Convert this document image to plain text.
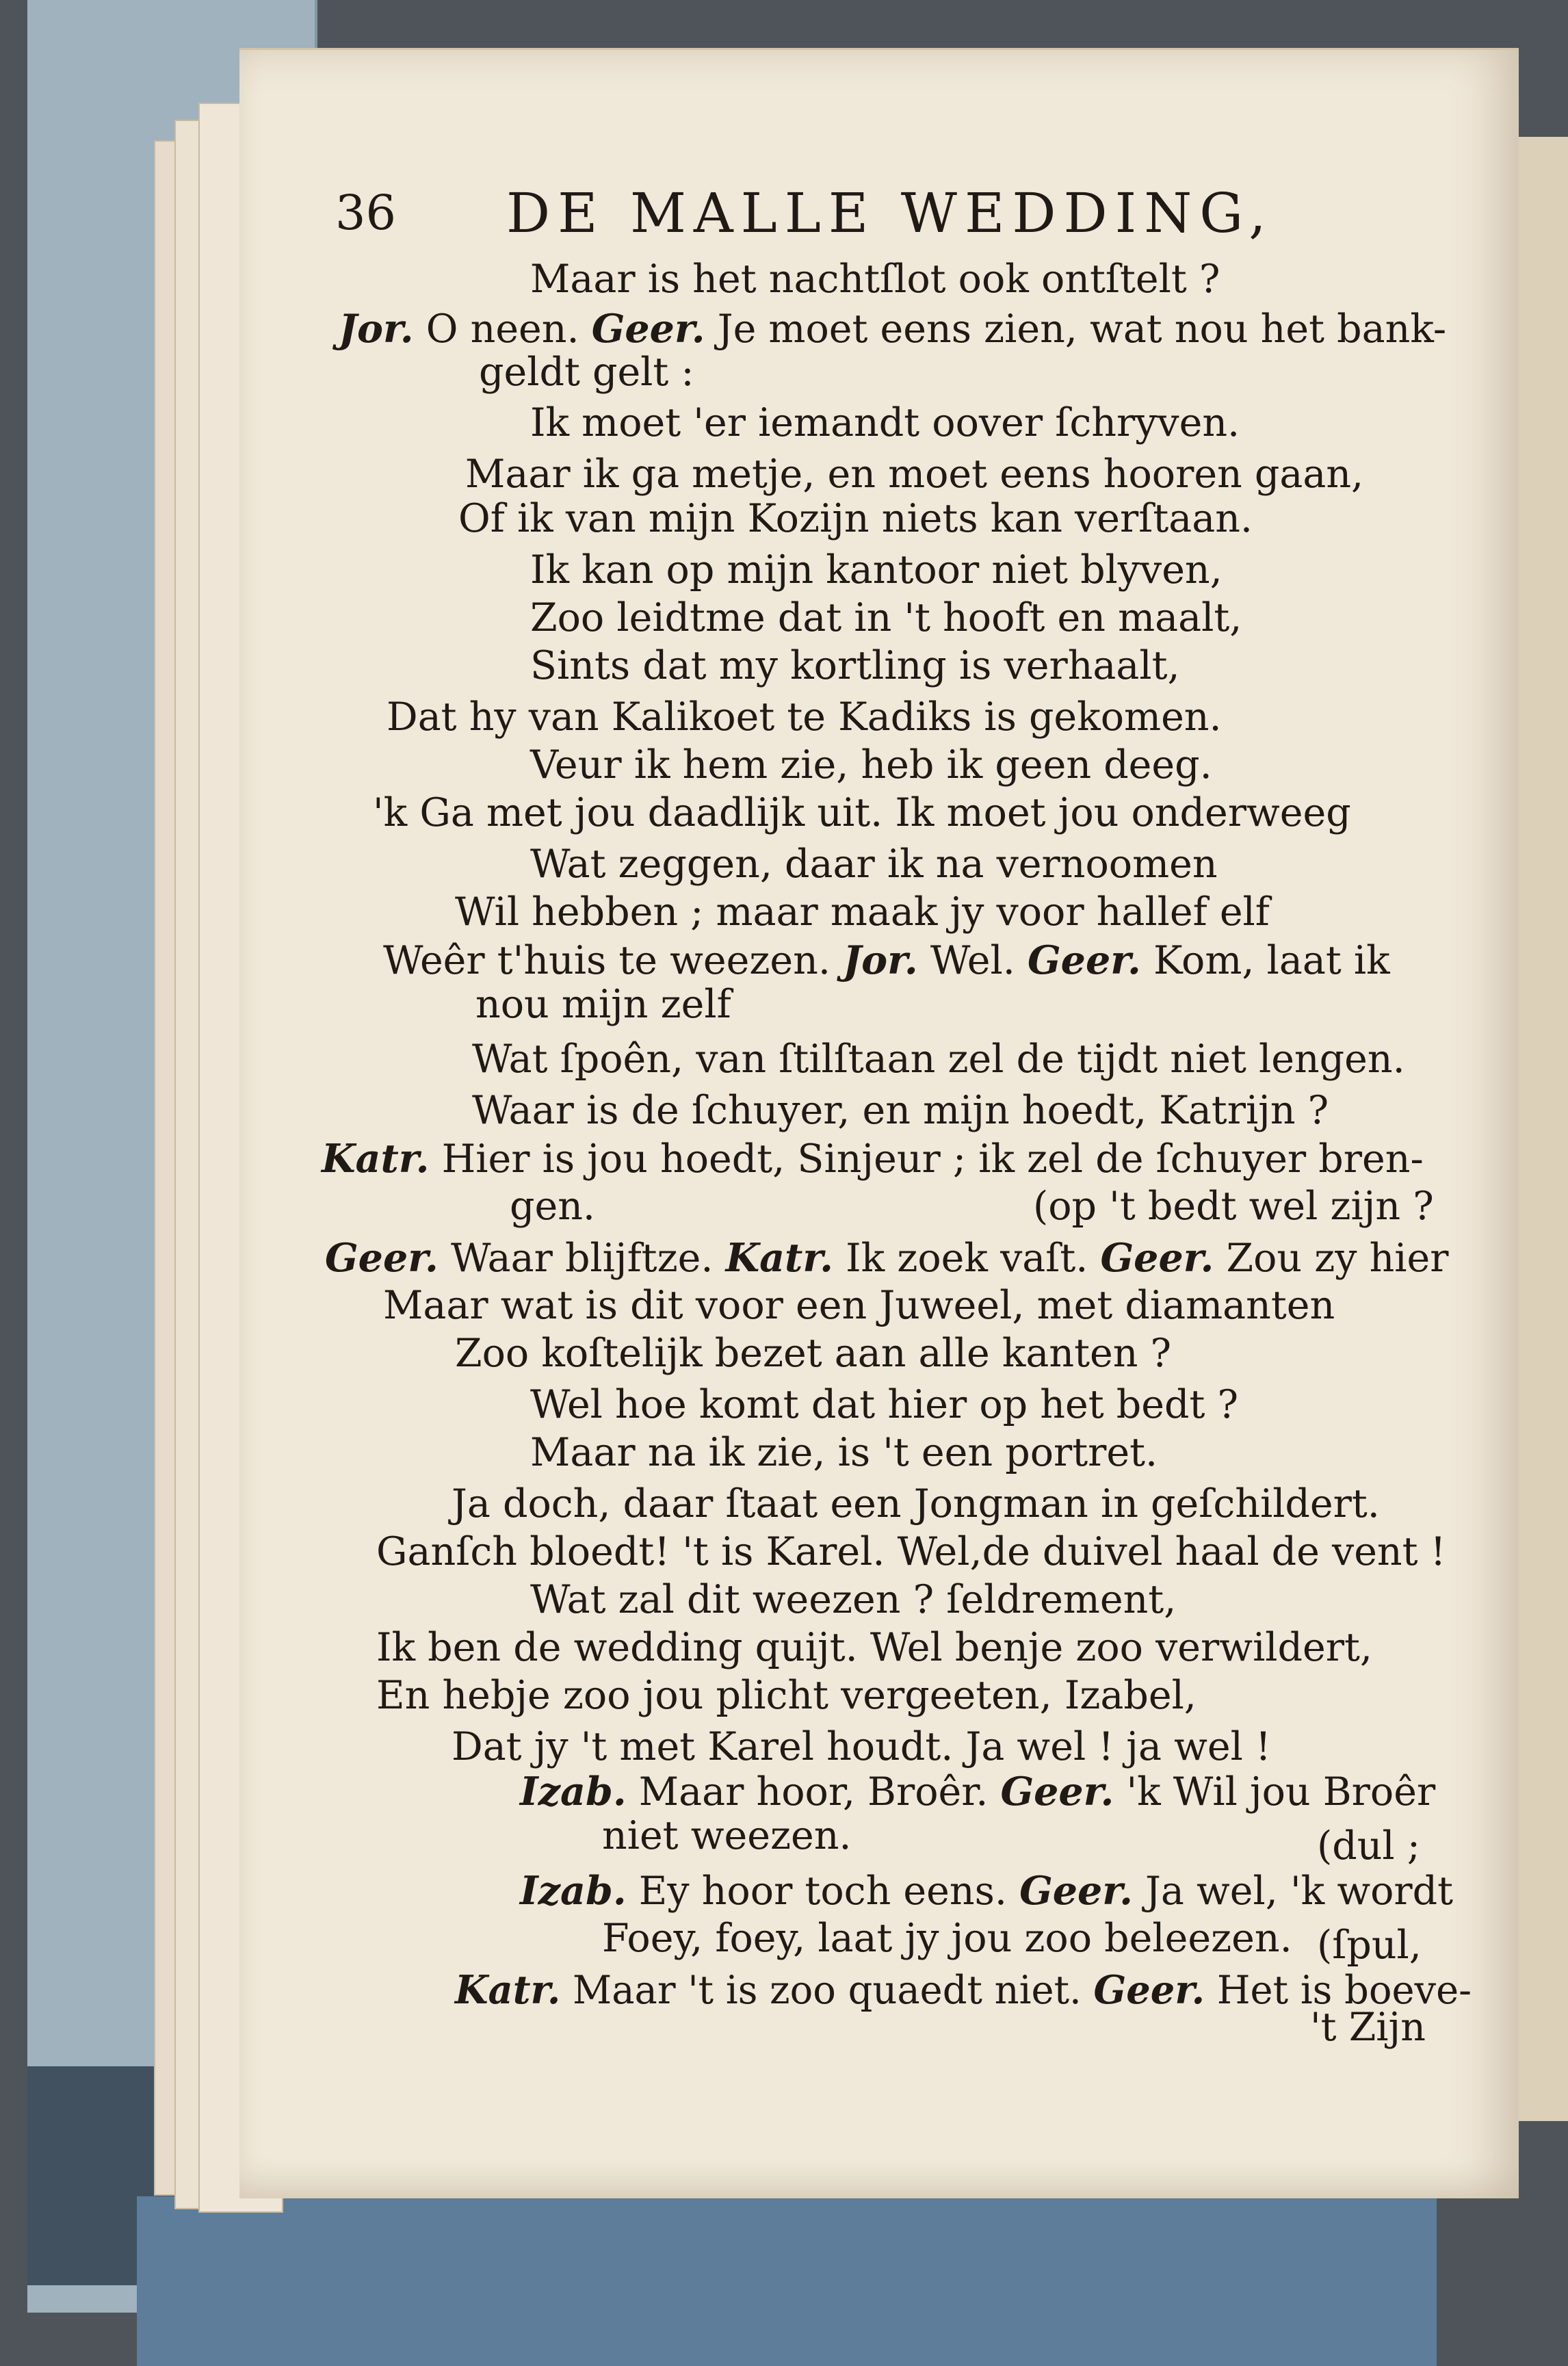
36 DE MALLE WEDDING,
Maar is het nachtſlot ook ontſtelt ?
Jor. O neen. Geer. Je moet eens zien, wat nou het bank-
geldt gelt :
Ik moet 'er iemandt oover ſchryven.
Maar ik ga metje, en moet eens hooren gaan,
Of ik van mijn Kozijn niets kan verſtaan.
Ik kan op mijn kantoor niet blyven,
Zoo leidtme dat in 't hooft en maalt,
Sints dat my kortling is verhaalt,
Dat hy van Kalikoet te Kadiks is gekomen.
Veur ik hem zie, heb ik geen deeg.
'k Ga met jou daadlijk uit. Ik moet jou onderweeg
Wat zeggen, daar ik na vernoomen
Wil hebben ; maar maak jy voor hallef elf
Weêr t'huis te weezen. Jor. Wel. Geer. Kom, laat ik
nou mijn zelf
Wat ſpoên, van ſtilſtaan zel de tijdt niet lengen.
Waar is de ſchuyer, en mijn hoedt, Katrijn ?
Katr. Hier is jou hoedt, Sinjeur ; ik zel de ſchuyer bren-
gen.	(op 't bedt wel zijn ?
Geer. Waar blijftze. Katr. Ik zoek vaſt. Geer. Zou zy hier
Maar wat is dit voor een Juweel, met diamanten
Zoo koſtelijk bezet aan alle kanten ?
Wel hoe komt dat hier op het bedt ?
Maar na ik zie, is 't een portret.
Ja doch, daar ſtaat een Jongman in geſchildert.
Ganſch bloedt! 't is Karel. Wel,de duivel haal de vent !
Wat zal dit weezen ? ſeldrement,
Ik ben de wedding quijt. Wel benje zoo verwildert,
En hebje zoo jou plicht vergeeten, Izabel,
Dat jy 't met Karel houdt. Ja wel ! ja wel !
Izab. Maar hoor, Broêr. Geer. 'k Wil jou Broêr
niet weezen.	(dul ;
Izab. Ey hoor toch eens. Geer. Ja wel, 'k wordt
Foey, foey, laat jy jou zoo beleezen. (ſpul,
Katr. Maar 't is zoo quaedt niet. Geer. Het is boeve-
't Zijn
